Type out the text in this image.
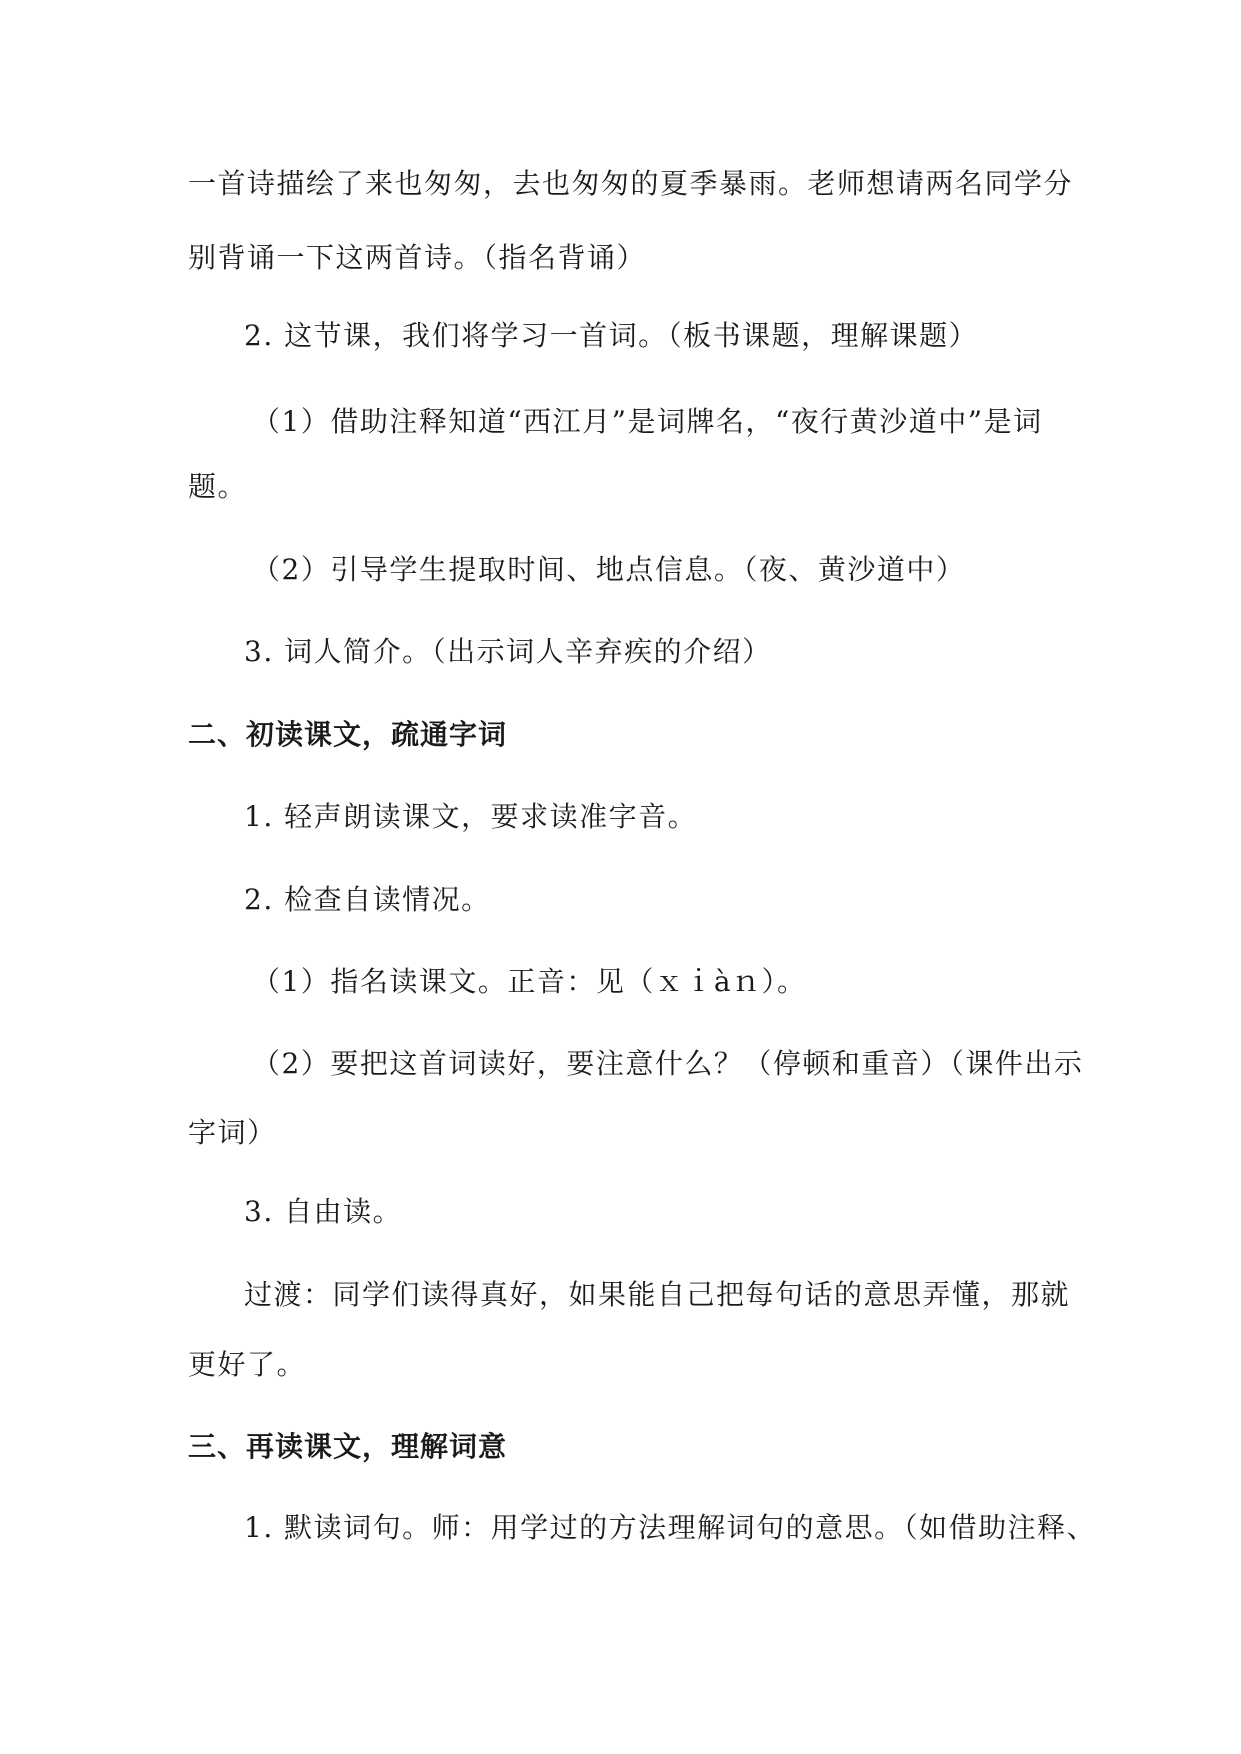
一首诗描绘了来也匆匆，去也匆匆的夏季暴雨。老师想请两名同学分
别背诵一下这两首诗。（指名背诵）
2. 这节课，我们将学习一首词。（板书课题，理解课题）
（1）借助注释知道“西江月”是词牌名，“夜行黄沙道中”是词
题。
（2）引导学生提取时间、地点信息。（夜、黄沙道中）
3. 词人简介。（出示词人辛弃疾的介绍）
二、初读课文，疏通字词
1. 轻声朗读课文，要求读准字音。
2. 检查自读情况。
（1）指名读课文。正音：见（ｘｉàｎ）。
（2）要把这首词读好，要注意什么？（停顿和重音）（课件出示
字词）
3. 自由读。
过渡：同学们读得真好，如果能自己把每句话的意思弄懂，那就
更好了。
三、再读课文，理解词意
1. 默读词句。师：用学过的方法理解词句的意思。（如借助注释、
